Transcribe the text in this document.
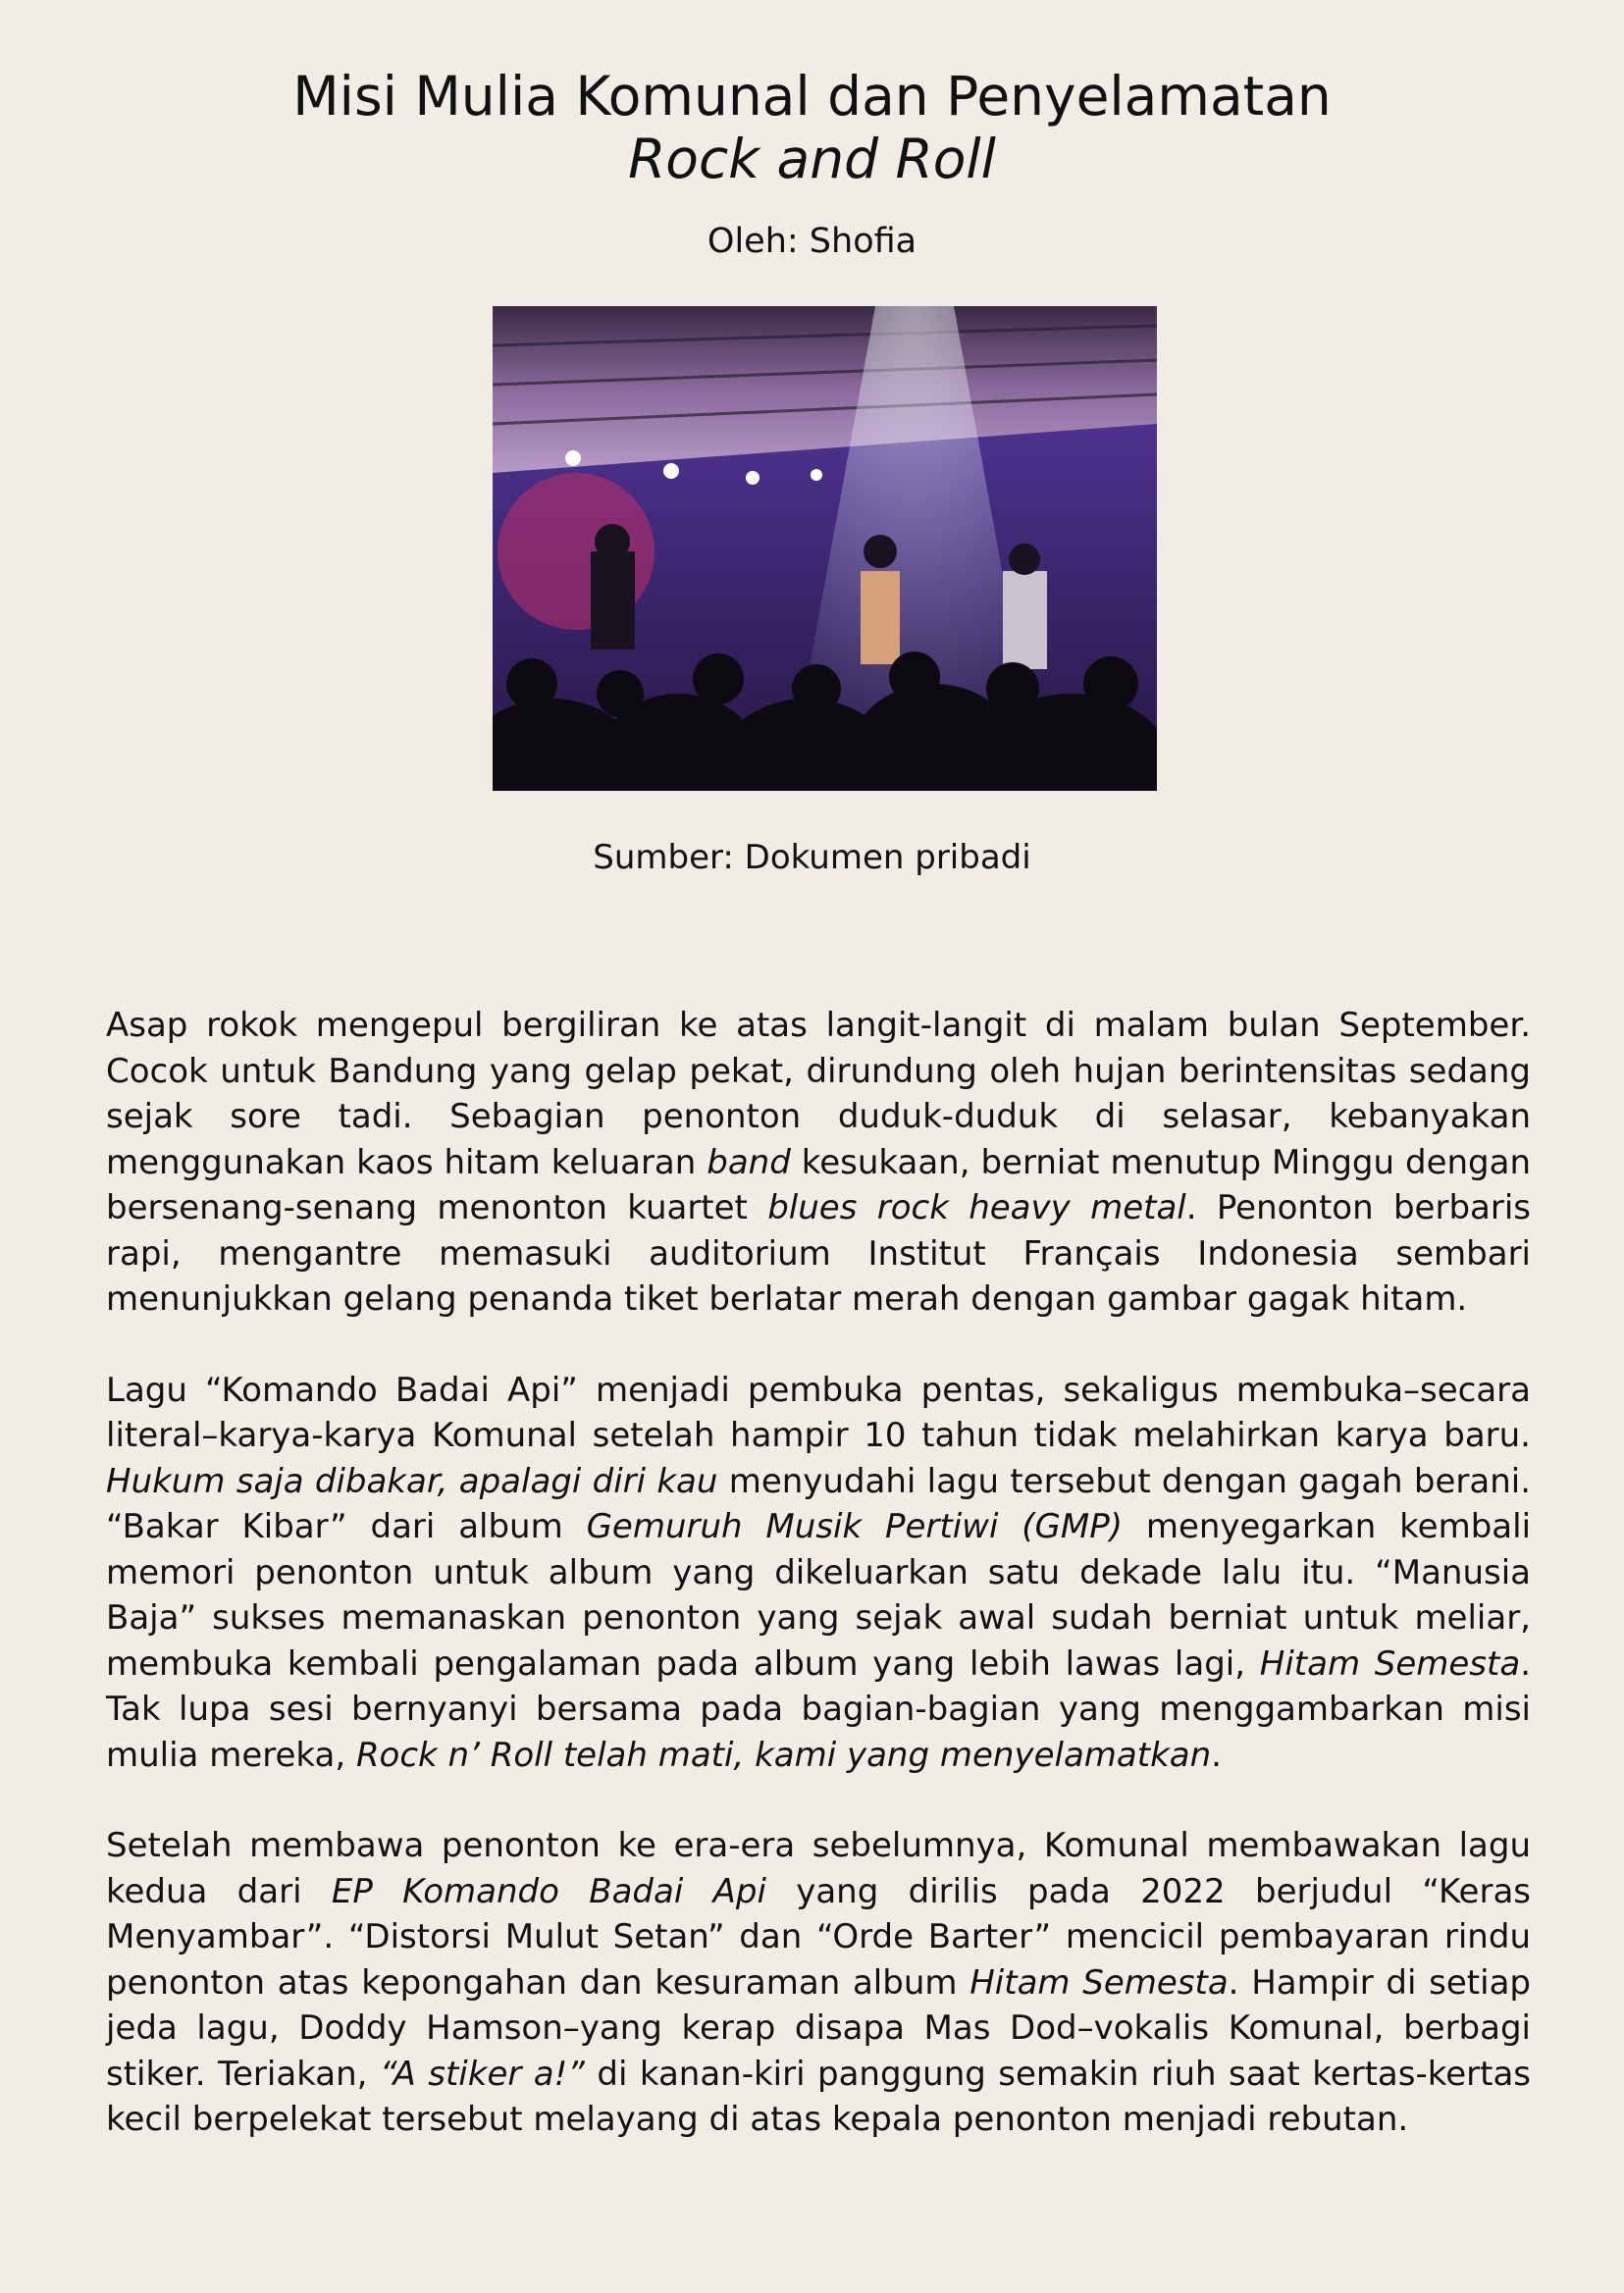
Misi Mulia Komunal dan Penyelamatan

Rock and Roll
Oleh: Shofia
Sumber: Dokumen pribadi

Asap rokok mengepul bergiliran ke atas langit-langit di malam bulan September. Cocok untuk Bandung yang gelap pekat, dirundung oleh hujan berintensitas sedang sejak sore tadi. Sebagian penonton duduk-duduk di selasar, kebanyakan menggunakan kaos hitam keluaran band kesukaan, berniat menutup Minggu dengan bersenang-senang menonton kuartet blues rock heavy metal. Penonton berbaris rapi, mengantre memasuki auditorium Institut Français Indonesia sembari menunjukkan gelang penanda tiket berlatar merah dengan gambar gagak hitam.

Lagu “Komando Badai Api” menjadi pembuka pentas, sekaligus membuka–secara literal–karya-karya Komunal setelah hampir 10 tahun tidak melahirkan karya baru. Hukum saja dibakar, apalagi diri kau menyudahi lagu tersebut dengan gagah berani. “Bakar Kibar” dari album Gemuruh Musik Pertiwi (GMP) menyegarkan kembali memori penonton untuk album yang dikeluarkan satu dekade lalu itu. “Manusia Baja” sukses memanaskan penonton yang sejak awal sudah berniat untuk meliar, membuka kembali pengalaman pada album yang lebih lawas lagi, Hitam Semesta. Tak lupa sesi bernyanyi bersama pada bagian-bagian yang menggambarkan misi mulia mereka, Rock n’ Roll telah mati, kami yang menyelamatkan.

Setelah membawa penonton ke era-era sebelumnya, Komunal membawakan lagu kedua dari EP Komando Badai Api yang dirilis pada 2022 berjudul “Keras Menyambar”. “Distorsi Mulut Setan” dan “Orde Barter” mencicil pembayaran rindu penonton atas kepongahan dan kesuraman album Hitam Semesta. Hampir di setiap jeda lagu, Doddy Hamson–yang kerap disapa Mas Dod–vokalis Komunal, berbagi stiker. Teriakan, “A stiker a!” di kanan-kiri panggung semakin riuh saat kertas-kertas kecil berpelekat tersebut melayang di atas kepala penonton menjadi rebutan.
